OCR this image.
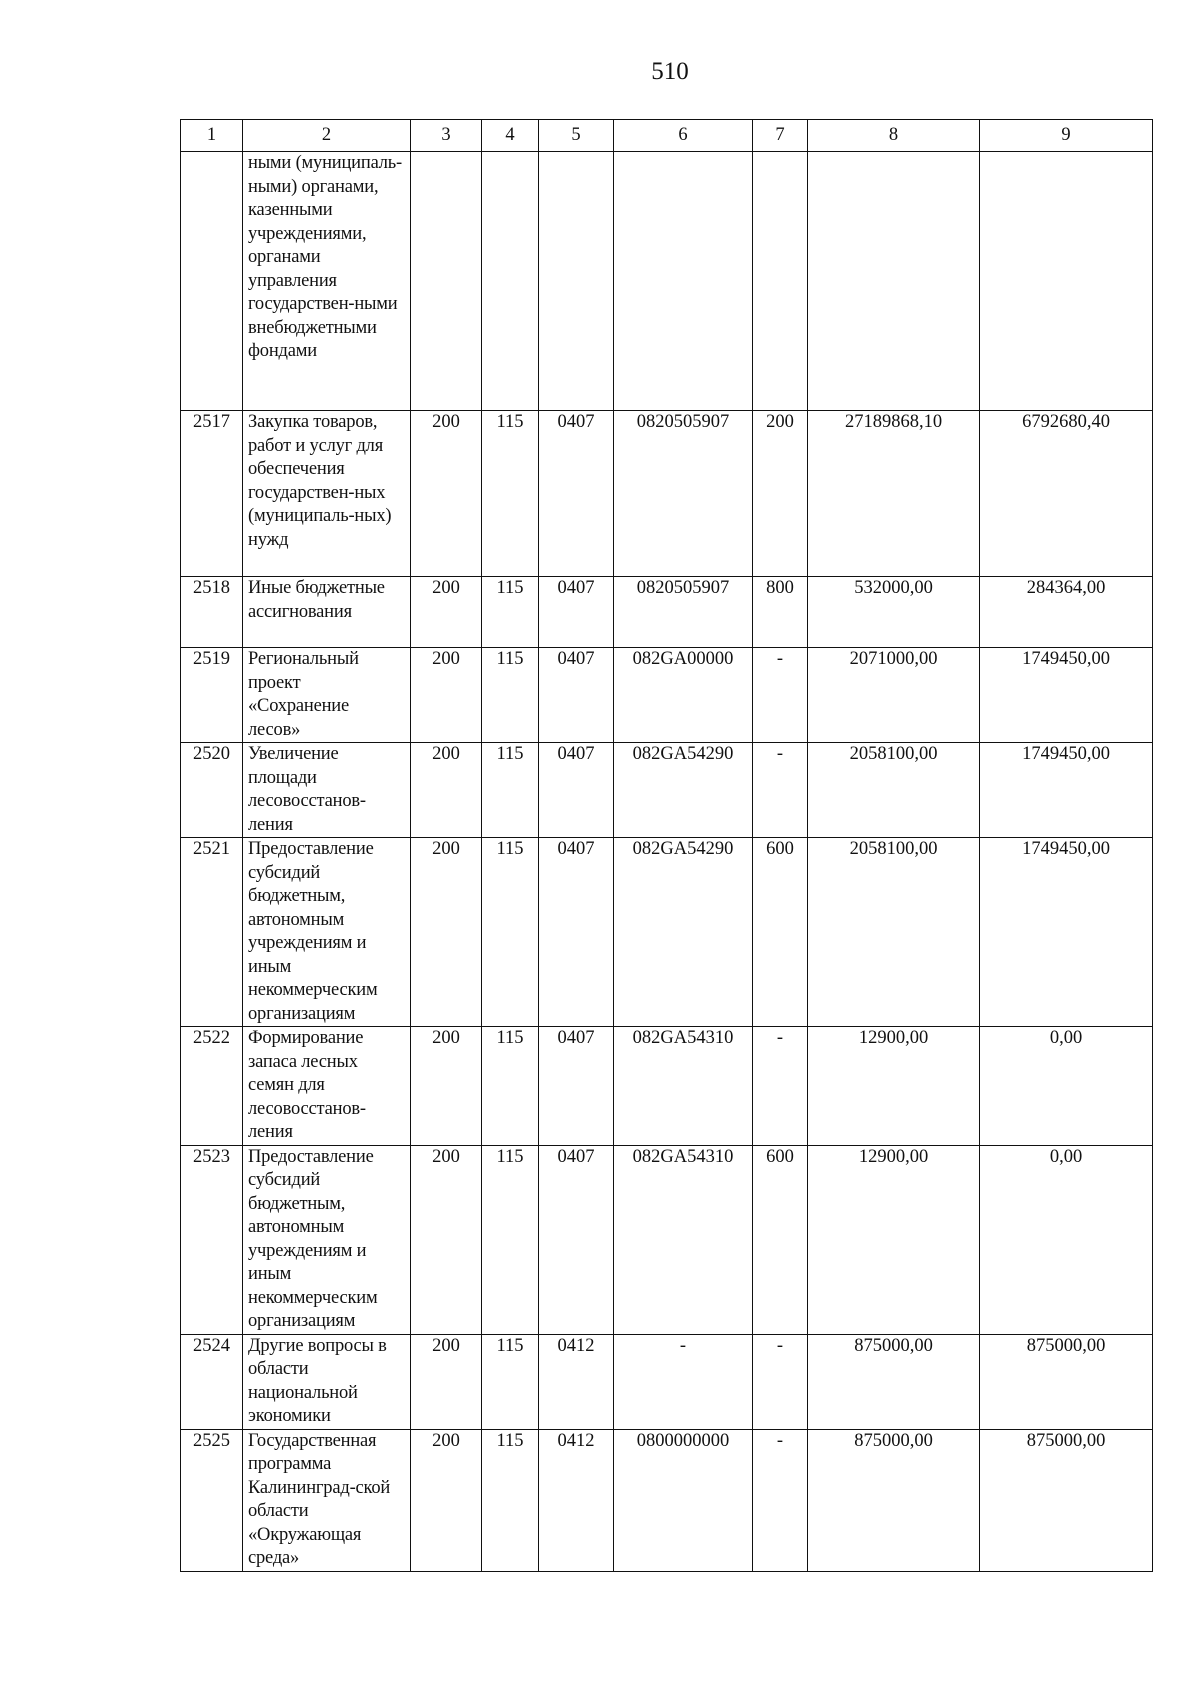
510
1	2	3	4	5	6	7	8	9
	ными (муниципаль-ными) органами, казенными учреждениями, органами управления государствен-ными внебюджетными фондами							
2517	Закупка товаров, работ и услуг для обеспечения государствен-ных (муниципаль-ных) нужд	200	115	0407	0820505907	200	27189868,10	6792680,40
2518	Иные бюджетные ассигнования	200	115	0407	0820505907	800	532000,00	284364,00
2519	Региональный проект «Сохранение лесов»	200	115	0407	082GA00000	-	2071000,00	1749450,00
2520	Увеличение площади лесовосстанов-ления	200	115	0407	082GA54290	-	2058100,00	1749450,00
2521	Предоставление субсидий бюджетным, автономным учреждениям и иным некоммерческим организациям	200	115	0407	082GA54290	600	2058100,00	1749450,00
2522	Формирование запаса лесных семян для лесовосстанов-ления	200	115	0407	082GA54310	-	12900,00	0,00
2523	Предоставление субсидий бюджетным, автономным учреждениям и иным некоммерческим организациям	200	115	0407	082GA54310	600	12900,00	0,00
2524	Другие вопросы в области национальной экономики	200	115	0412	-	-	875000,00	875000,00
2525	Государственная программа Калининград-ской области «Окружающая среда»	200	115	0412	0800000000	-	875000,00	875000,00
